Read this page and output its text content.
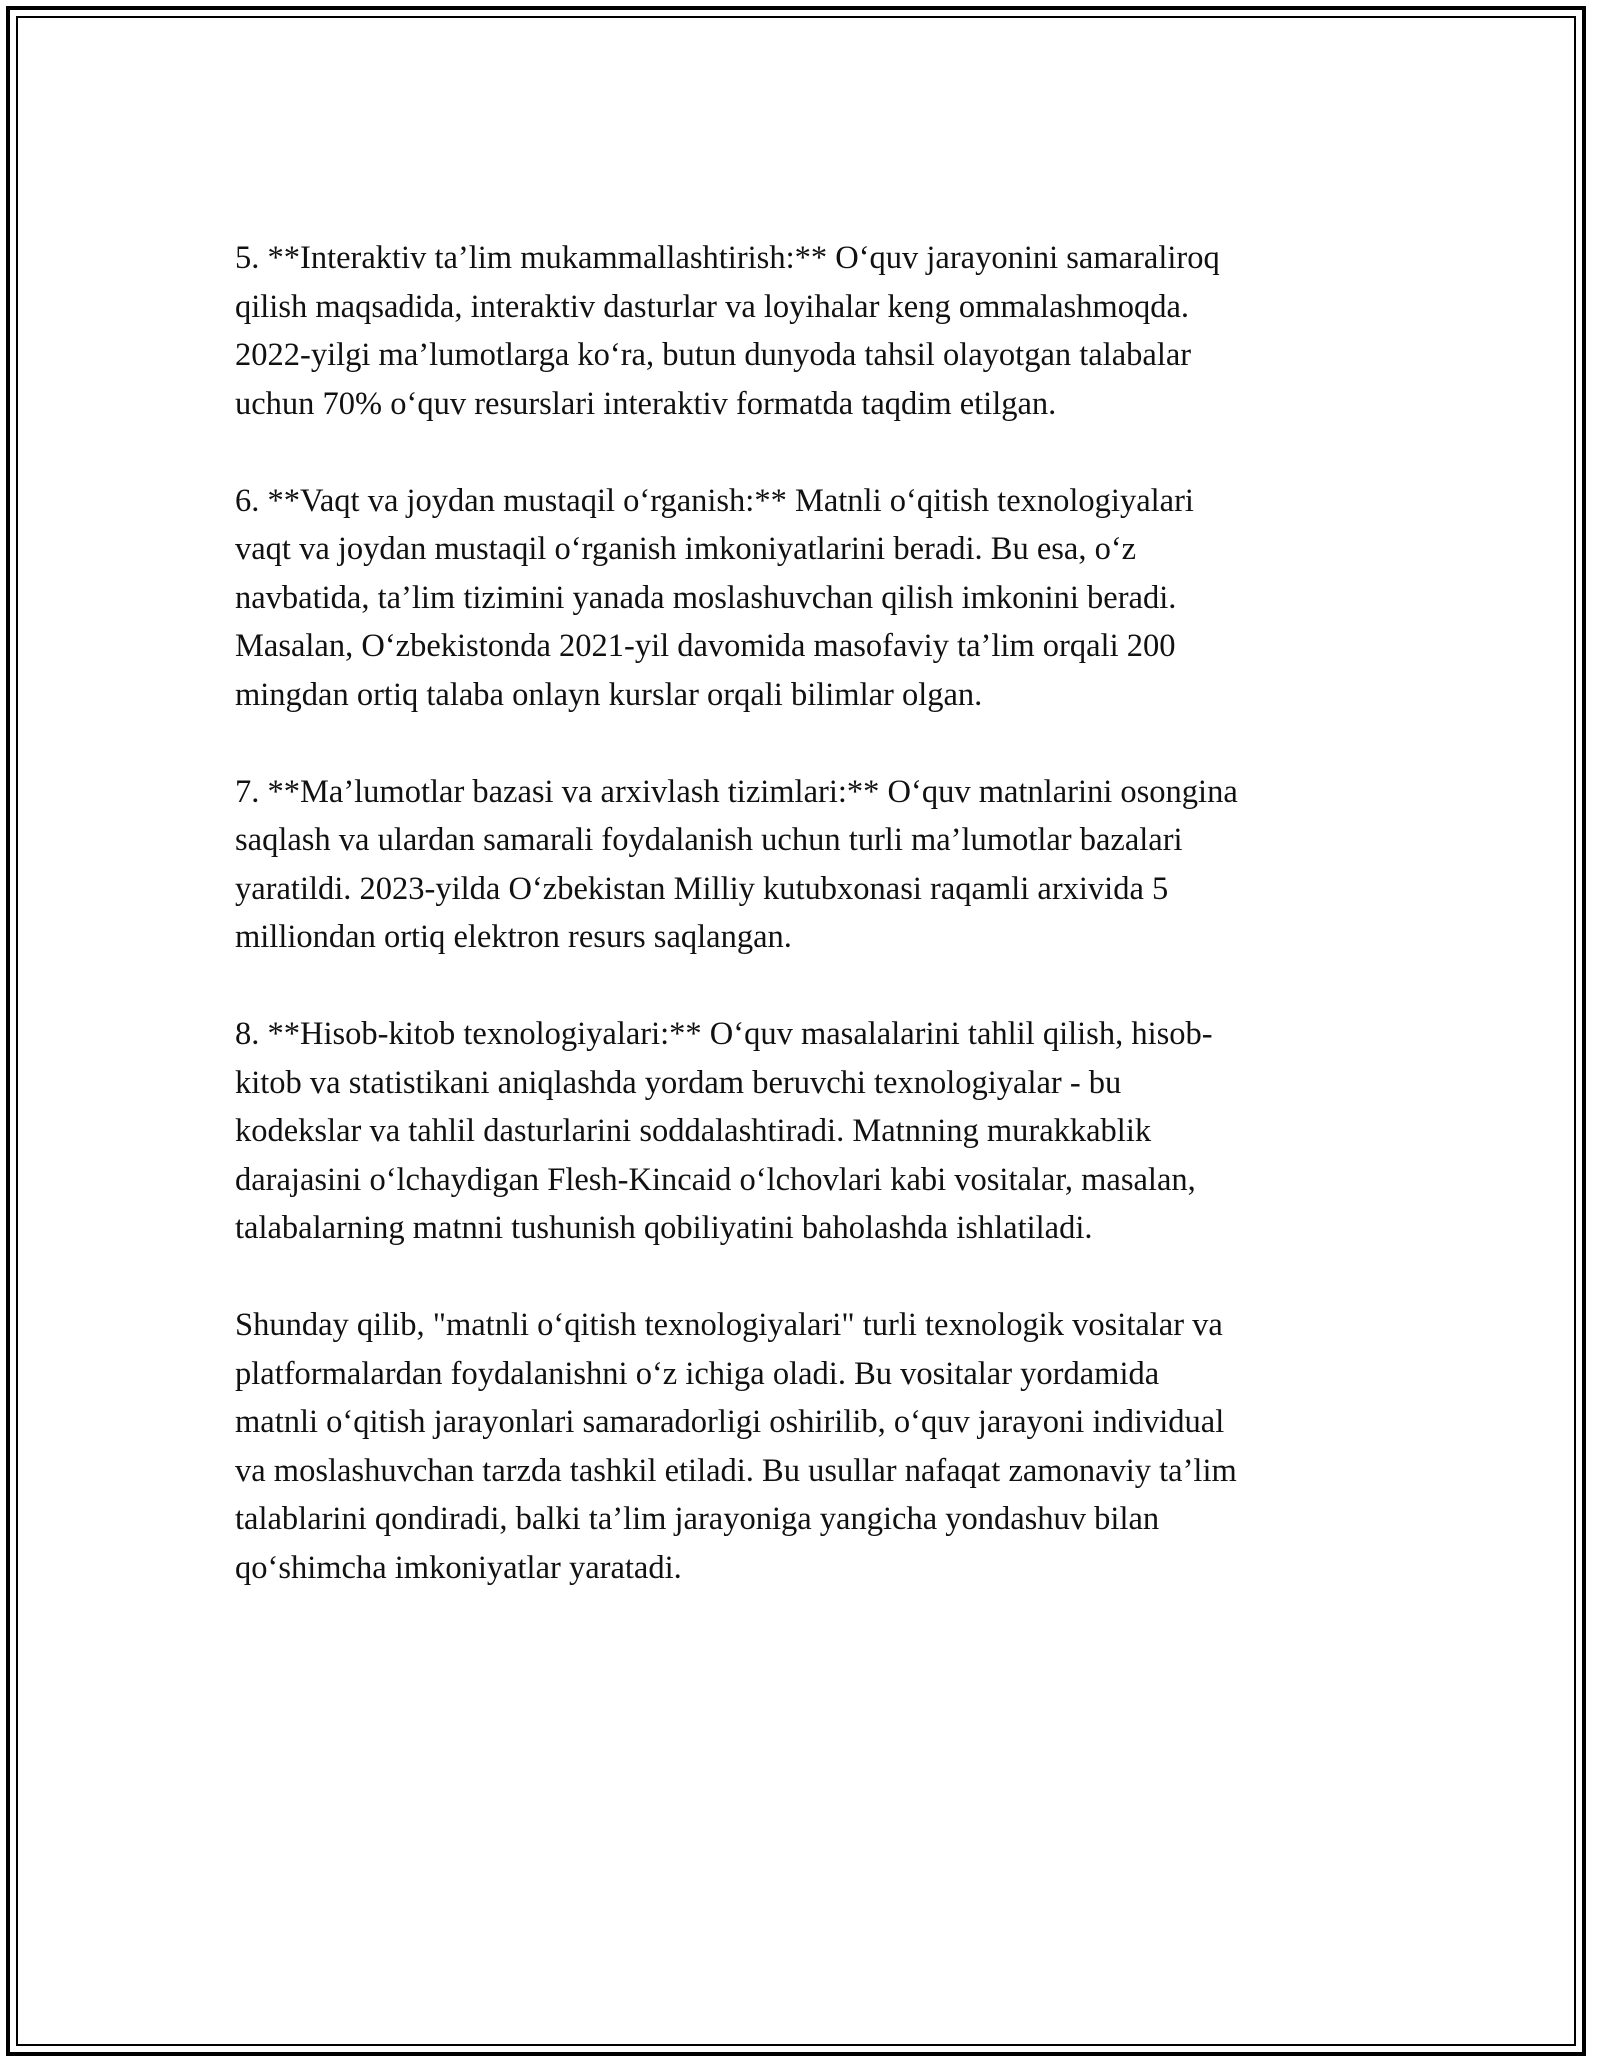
5. **Interaktiv ta’lim mukammallashtirish:** O‘quv jarayonini samaraliroq
qilish maqsadida, interaktiv dasturlar va loyihalar keng ommalashmoqda.
2022-yilgi ma’lumotlarga ko‘ra, butun dunyoda tahsil olayotgan talabalar
uchun 70% o‘quv resurslari interaktiv formatda taqdim etilgan.

6. **Vaqt va joydan mustaqil o‘rganish:** Matnli o‘qitish texnologiyalari
vaqt va joydan mustaqil o‘rganish imkoniyatlarini beradi. Bu esa, o‘z
navbatida, ta’lim tizimini yanada moslashuvchan qilish imkonini beradi.
Masalan, O‘zbekistonda 2021-yil davomida masofaviy ta’lim orqali 200
mingdan ortiq talaba onlayn kurslar orqali bilimlar olgan.

7. **Ma’lumotlar bazasi va arxivlash tizimlari:** O‘quv matnlarini osongina
saqlash va ulardan samarali foydalanish uchun turli ma’lumotlar bazalari
yaratildi. 2023-yilda O‘zbekistan Milliy kutubxonasi raqamli arxivida 5
milliondan ortiq elektron resurs saqlangan.

8. **Hisob-kitob texnologiyalari:** O‘quv masalalarini tahlil qilish, hisob-
kitob va statistikani aniqlashda yordam beruvchi texnologiyalar - bu
kodekslar va tahlil dasturlarini soddalashtiradi. Matnning murakkablik
darajasini o‘lchaydigan Flesh-Kincaid o‘lchovlari kabi vositalar, masalan,
talabalarning matnni tushunish qobiliyatini baholashda ishlatiladi.

Shunday qilib, "matnli o‘qitish texnologiyalari" turli texnologik vositalar va
platformalardan foydalanishni o‘z ichiga oladi. Bu vositalar yordamida
matnli o‘qitish jarayonlari samaradorligi oshirilib, o‘quv jarayoni individual
va moslashuvchan tarzda tashkil etiladi. Bu usullar nafaqat zamonaviy ta’lim
talablarini qondiradi, balki ta’lim jarayoniga yangicha yondashuv bilan
qo‘shimcha imkoniyatlar yaratadi.
